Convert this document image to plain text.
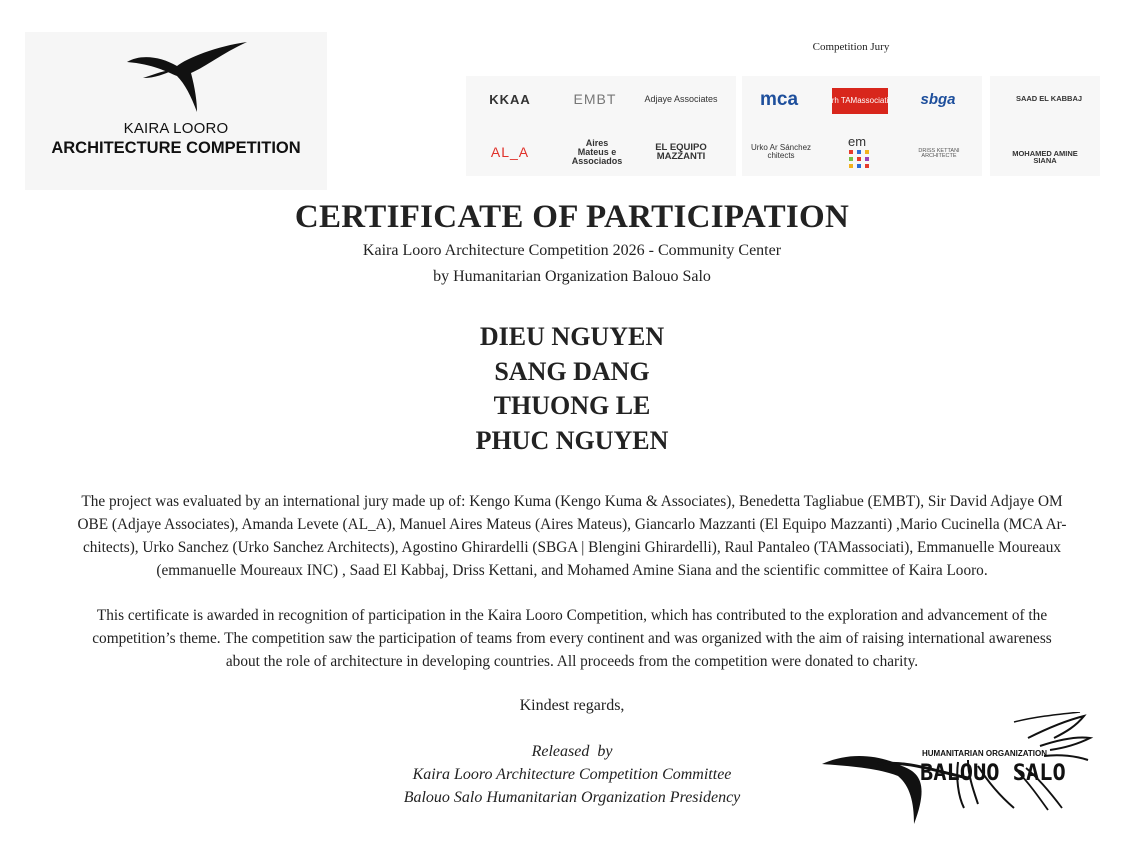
KAIRA LOORO
ARCHITECTURE COMPETITION
Competition Jury
KKAA	EMBT	Adjaye Associates	mca	rh TAMassociati	sbga	SAAD EL KABBAJ
AL_A
Aires Mateus e Associados
EL EQUIPO MAZZANTI
Urko Ar Sánchez chitects
em
DRISS KETTANI ARCHITECTE	MOHAMED AMINE SIANA
CERTIFICATE OF PARTICIPATION
Kaira Looro Architecture Competition 2026 - Community Center
by Humanitarian Organization Balouo Salo
DIEU NGUYEN
SANG DANG
THUONG LE
PHUC NGUYEN
The project was evaluated by an international jury made up of: Kengo Kuma (Kengo Kuma & Associates), Benedetta Tagliabue (EMBT), Sir David Adjaye OM
OBE (Adjaye Associates), Amanda Levete (AL_A), Manuel Aires Mateus (Aires Mateus), Giancarlo Mazzanti (El Equipo Mazzanti) ,Mario Cucinella (MCA Ar-
chitects), Urko Sanchez (Urko Sanchez Architects), Agostino Ghirardelli (SBGA | Blengini Ghirardelli), Raul Pantaleo (TAMassociati), Emmanuelle Moureaux
(emmanuelle Moureaux INC) , Saad El Kabbaj, Driss Kettani, and Mohamed Amine Siana and the scientific committee of Kaira Looro.
This certificate is awarded in recognition of participation in the Kaira Looro Competition, which has contributed to the exploration and advancement of the
competition’s theme. The competition saw the participation of teams from every continent and was organized with the aim of raising international awareness
about the role of architecture in developing countries. All proceeds from the competition were donated to charity.
Kindest regards,
Released  by
Kaira Looro Architecture Competition Committee
Balouo Salo Humanitarian Organization Presidency
HUMANITARIAN ORGANIZATION
BALOUO SALO
